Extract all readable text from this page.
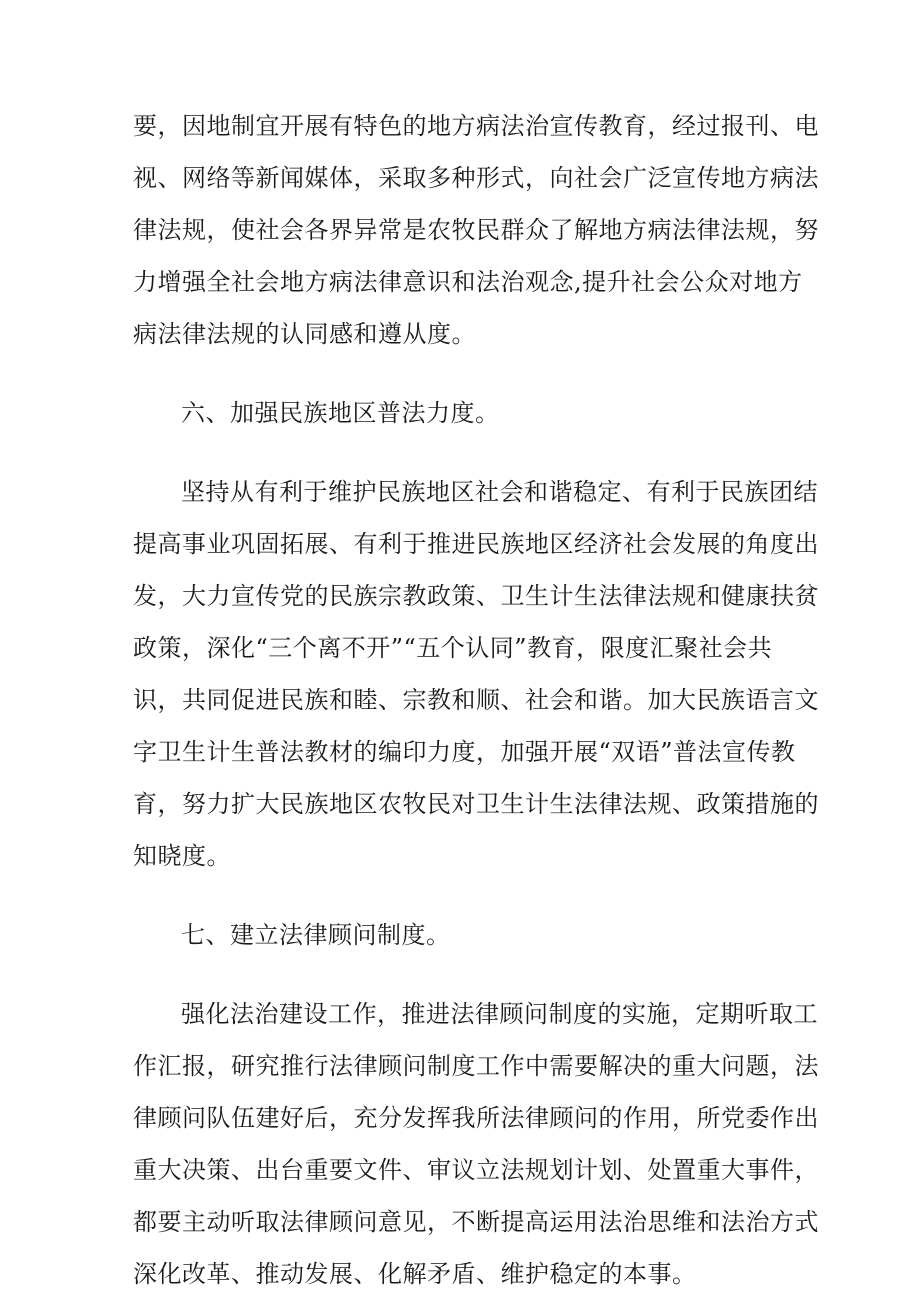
要，因地制宜开展有特色的地方病法治宣传教育，经过报刊、电
视、网络等新闻媒体，采取多种形式，向社会广泛宣传地方病法
律法规，使社会各界异常是农牧民群众了解地方病法律法规，努
力增强全社会地方病法律意识和法治观念,提升社会公众对地方
病法律法规的认同感和遵从度。
六、加强民族地区普法力度。
坚持从有利于维护民族地区社会和谐稳定、有利于民族团结
提高事业巩固拓展、有利于推进民族地区经济社会发展的角度出
发，大力宣传党的民族宗教政策、卫生计生法律法规和健康扶贫
政策，深化“三个离不开”“五个认同”教育，限度汇聚社会共
识，共同促进民族和睦、宗教和顺、社会和谐。加大民族语言文
字卫生计生普法教材的编印力度，加强开展“双语”普法宣传教
育，努力扩大民族地区农牧民对卫生计生法律法规、政策措施的
知晓度。
七、建立法律顾问制度。
强化法治建设工作，推进法律顾问制度的实施，定期听取工
作汇报，研究推行法律顾问制度工作中需要解决的重大问题，法
律顾问队伍建好后，充分发挥我所法律顾问的作用，所党委作出
重大决策、出台重要文件、审议立法规划计划、处置重大事件，
都要主动听取法律顾问意见，不断提高运用法治思维和法治方式
深化改革、推动发展、化解矛盾、维护稳定的本事。
